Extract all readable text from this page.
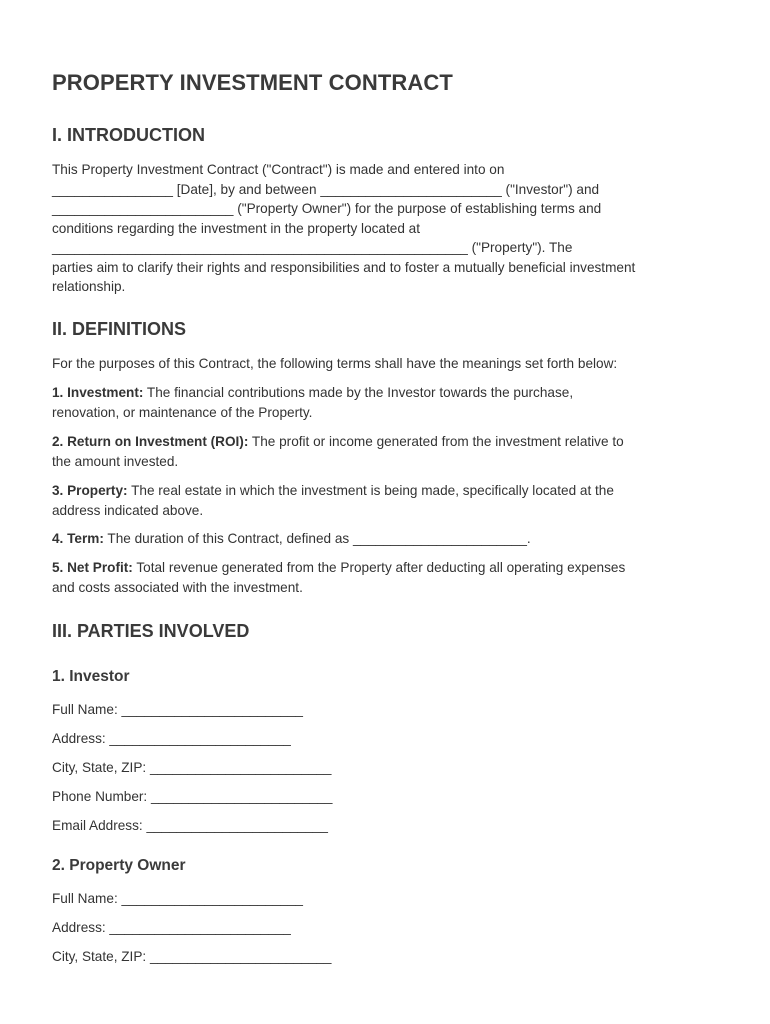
PROPERTY INVESTMENT CONTRACT
I. INTRODUCTION
This Property Investment Contract ("Contract") is made and entered into on
________________ [Date], by and between ________________________ ("Investor") and
________________________ ("Property Owner") for the purpose of establishing terms and
conditions regarding the investment in the property located at
_______________________________________________________ ("Property"). The
parties aim to clarify their rights and responsibilities and to foster a mutually beneficial investment
relationship.
II. DEFINITIONS

For the purposes of this Contract, the following terms shall have the meanings set forth below:

1. Investment: The financial contributions made by the Investor towards the purchase,
renovation, or maintenance of the Property.
2. Return on Investment (ROI): The profit or income generated from the investment relative to
the amount invested.
3. Property: The real estate in which the investment is being made, specifically located at the
address indicated above.
4. Term: The duration of this Contract, defined as _______________________.
5. Net Profit: Total revenue generated from the Property after deducting all operating expenses
and costs associated with the investment.
III. PARTIES INVOLVED
1. Investor
Full Name: ________________________
Address: ________________________
City, State, ZIP: ________________________
Phone Number: ________________________
Email Address: ________________________
2. Property Owner
Full Name: ________________________
Address: ________________________
City, State, ZIP: ________________________
